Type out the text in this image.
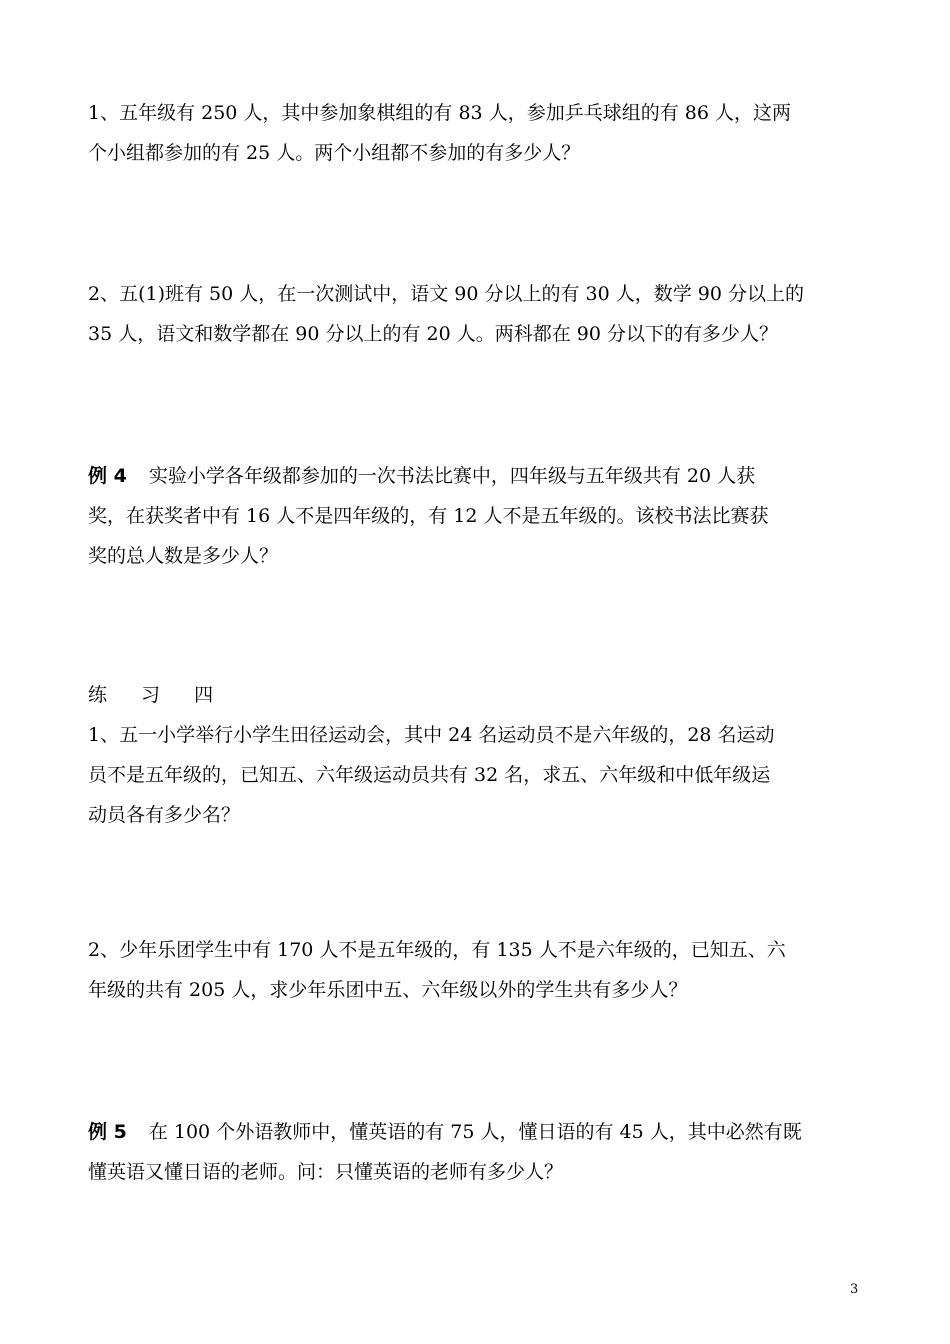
1、五年级有 250 人，其中参加象棋组的有 83 人，参加乒乓球组的有 86 人，这两
个小组都参加的有 25 人。两个小组都不参加的有多少人？
2、五(1)班有 50 人，在一次测试中，语文 90 分以上的有 30 人，数学 90 分以上的
35 人，语文和数学都在 90 分以上的有 20 人。两科都在 90 分以下的有多少人？
例 4 实验小学各年级都参加的一次书法比赛中，四年级与五年级共有 20 人获
奖，在获奖者中有 16 人不是四年级的，有 12 人不是五年级的。该校书法比赛获
奖的总人数是多少人？
练 习 四
1、五一小学举行小学生田径运动会，其中 24 名运动员不是六年级的，28 名运动
员不是五年级的，已知五、六年级运动员共有 32 名，求五、六年级和中低年级运
动员各有多少名？
2、少年乐团学生中有 170 人不是五年级的，有 135 人不是六年级的，已知五、六
年级的共有 205 人，求少年乐团中五、六年级以外的学生共有多少人？
例 5 在 100 个外语教师中，懂英语的有 75 人，懂日语的有 45 人，其中必然有既
懂英语又懂日语的老师。问：只懂英语的老师有多少人？
3
